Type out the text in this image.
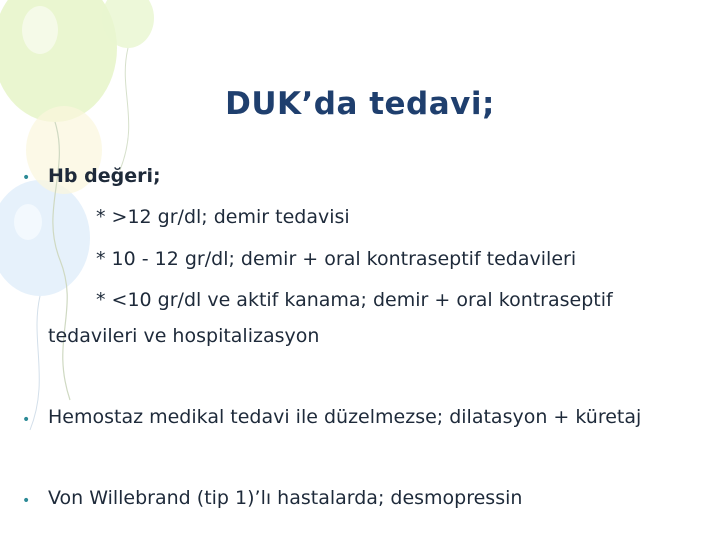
DUK’da tedavi;
• Hb değeri;
* >12 gr/dl; demir tedavisi
* 10 - 12 gr/dl; demir + oral kontraseptif tedavileri
* <10 gr/dl ve aktif kanama; demir + oral kontraseptif
tedavileri ve hospitalizasyon
• Hemostaz medikal tedavi ile düzelmezse; dilatasyon + küretaj
• Von Willebrand (tip 1)’lı hastalarda; desmopressin
